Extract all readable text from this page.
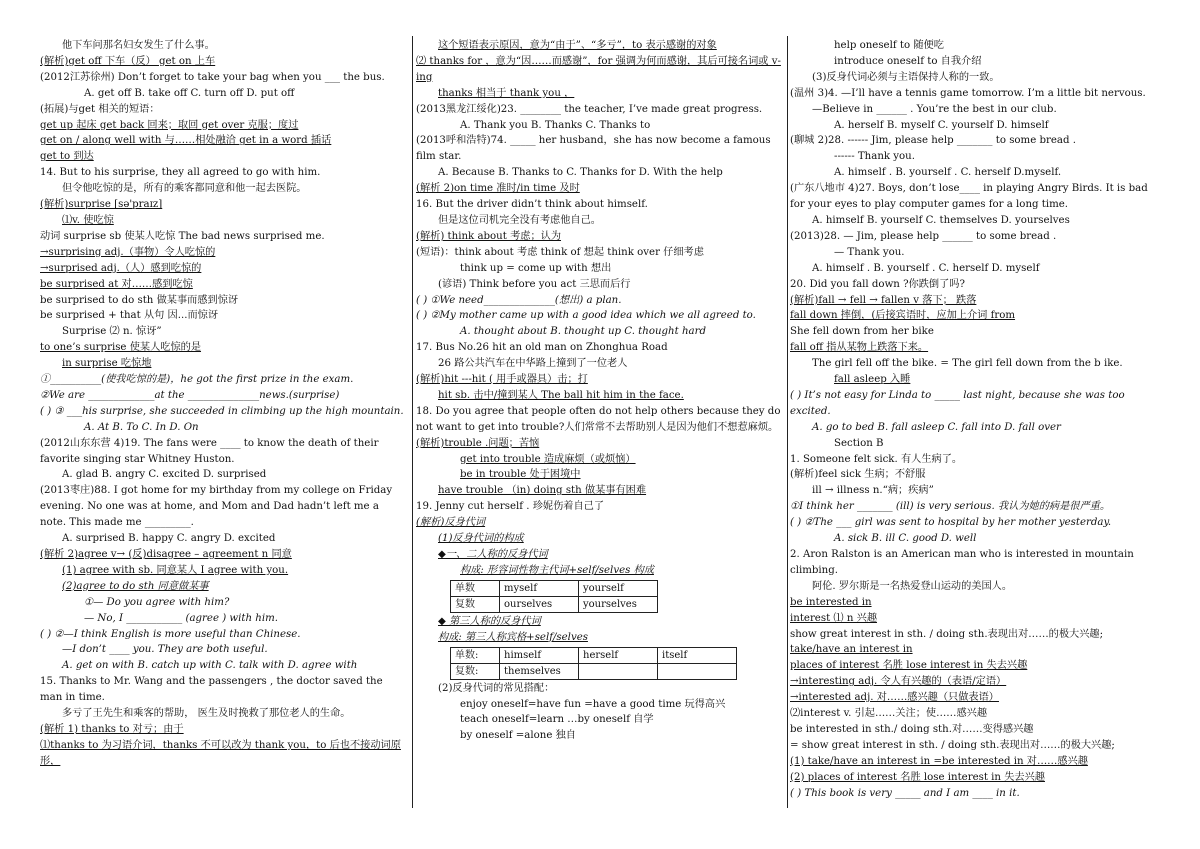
他下车问那名妇女发生了什么事。
(解析)get off 下车（反） get on 上车
(2012江苏徐州) Don’t forget to take your bag when you ___ the bus.
A. get off B. take off C. turn off D. put off
(拓展)与get 相关的短语：
get up 起床 get back 回来；取回 get over 克服；度过
get on / along well with 与……相处融洽 get in a word 插话
get to 到达
14. But to his surprise, they all agreed to go with him.
但令他吃惊的是，所有的乘客都同意和他一起去医院。
(解析)surprise [sə'praɪz]
⑴v. 使吃惊
动词 surprise sb 使某人吃惊 The bad news surprised me.
→surprising adj.（事物）令人吃惊的
→surprised adj.（人）感到吃惊的
be surprised at 对……感到吃惊
be surprised to do sth 做某事而感到惊讶
be surprised + that 从句 因...而惊讶
Surprise ⑵ n. 惊讶”
to one’s surprise 使某人吃惊的是
in surprise 吃惊地
①__________(使我吃惊的是)，he got the first prize in the exam.
②We are _____________at the ______________news.(surprise)
( ) ③ ___his surprise, she succeeded in climbing up the high mountain.
A. At B. To C. In D. On
(2012山东东营 4)19. The fans were ____ to know the death of their favorite singing star Whitney Huston.
A. glad B. angry C. excited D. surprised
(2013枣庄)88. I got home for my birthday from my college on Friday evening. No one was at home, and Mom and Dad hadn’t left me a note. This made me _________.
A. surprised B. happy C. angry D. excited
(解析 2)agree v→ (反)disagree – agreement n 同意
(1) agree with sb. 同意某人 I agree with you.
(2)agree to do sth 同意做某事
①— Do you agree with him?
— No, I ___________ (agree ) with him.
( ) ②—I think English is more useful than Chinese.
—I don’t ____ you. They are both useful.
A. get on with B. catch up with C. talk with D. agree with
15. Thanks to Mr. Wang and the passengers , the doctor saved the man in time.
多亏了王先生和乘客的帮助， 医生及时挽救了那位老人的生命。
(解析 1) thanks to 对亏；由于
⑴thanks to 为习语介词，thanks 不可以改为 thank you，to 后也不接动词原形，
这个短语表示原因，意为“由于”、“多亏”，to 表示感谢的对象
⑵ thanks for ，意为“因……而感谢”，for 强调为何而感谢，其后可接名词或 v-ing
thanks 相当于 thank you ，
(2013黑龙江绥化)23. ________ the teacher, I’ve made great progress.
A. Thank you B. Thanks C. Thanks to
(2013呼和浩特)74. _____ her husband，she has now become a famous film star.
A. Because B. Thanks to C. Thanks for D. With the help
(解析 2)on time 准时/in time 及时
16. But the driver didn’t think about himself.
但是这位司机完全没有考虑他自己。
(解析) think about 考虑；认为
(短语)：think about 考虑 think of 想起 think over 仔细考虑
think up = come up with 想出
(谚语) Think before you act 三思而后行
( ) ①We need______________(想出) a plan.
( ) ②My mother came up with a good idea which we all agreed to.
A. thought about B. thought up C. thought hard
17. Bus No.26 hit an old man on Zhonghua Road
26 路公共汽车在中华路上撞到了一位老人
(解析)hit ---hit ( 用手或器具）击；打
hit sb. 击中/撞到某人 The ball hit him in the face.
18. Do you agree that people often do not help others because they do not want to get into trouble?人们常常不去帮助别人是因为他们不想惹麻烦。
(解析)trouble .问题；苦恼
get into trouble 造成麻烦（或烦恼）
be in trouble 处于困境中
have trouble （in) doing sth 做某事有困难
19. Jenny cut herself . 珍妮伤着自己了
(解析)反身代词
(1)反身代词的构成
◆一、二人称的反身代词
构成: 形容词性物主代词+self/selves 构成
单数	myself	yourself
复数	ourselves	yourselves
◆ 第三人称的反身代词
构成: 第三人称宾格+self/selves
单数:	himself	herself	itself
复数:	themselves		
(2)反身代词的常见搭配：
enjoy oneself=have fun =have a good time 玩得高兴
teach oneself=learn …by oneself 自学
by oneself =alone 独自
help oneself to 随便吃
introduce oneself to 自我介绍
(3)反身代词必须与主语保持人称的一致。
(温州 3)4. —I’ll have a tennis game tomorrow. I’m a little bit nervous.
—Believe in ______ . You’re the best in our club.
A. herself B. myself C. yourself D. himself
(聊城 2)28. ------ Jim, please help _______ to some bread .
------ Thank you.
A. himself . B. yourself . C. herself D.myself.
(广东八地市 4)27. Boys, don’t lose____ in playing Angry Birds. It is bad for your eyes to play computer games for a long time.
A. himself B. yourself C. themselves D. yourselves
(2013)28. — Jim, please help ______ to some bread .
— Thank you.
A. himself . B. yourself . C. herself D. myself
20. Did you fall down ?你跌倒了吗?
(解析)fall → fell → fallen v 落下； 跌落
fall down 摔倒，(后接宾语时，应加上介词 from
She fell down from her bike
fall off 指从某物上跌落下来。
The girl fell off the bike. = The girl fell down from the b ike.
fall asleep 入睡
( ) It’s not easy for Linda to _____ last night, because she was too excited.
A. go to bed B. fall asleep C. fall into D. fall over
Section B
1. Someone felt sick. 有人生病了。
(解析)feel sick 生病；不舒服
ill → illness n.“病；疾病”
①I think her _______ (ill) is very serious. 我认为她的病是很严重。
( ) ②The ___ girl was sent to hospital by her mother yesterday.
A. sick B. ill C. good D. well
2. Aron Ralston is an American man who is interested in mountain climbing.
阿伦. 罗尔斯是一名热爱登山运动的美国人。
be interested in
interest ⑴ n 兴趣
show great interest in sth. / doing sth.表现出对……的极大兴趣;
take/have an interest in
places of interest 名胜 lose interest in 失去兴趣
→interesting adj. 令人有兴趣的（表语/定语）
→interested adj. 对……感兴趣（只做表语）
⑵interest v. 引起……关注；使……感兴趣
be interested in sth./ doing sth.对……变得感兴趣
= show great interest in sth. / doing sth.表现出对……的极大兴趣;
(1) take/have an interest in =be interested in 对……感兴趣
(2) places of interest 名胜 lose interest in 失去兴趣
( ) This book is very _____ and I am ____ in it.
